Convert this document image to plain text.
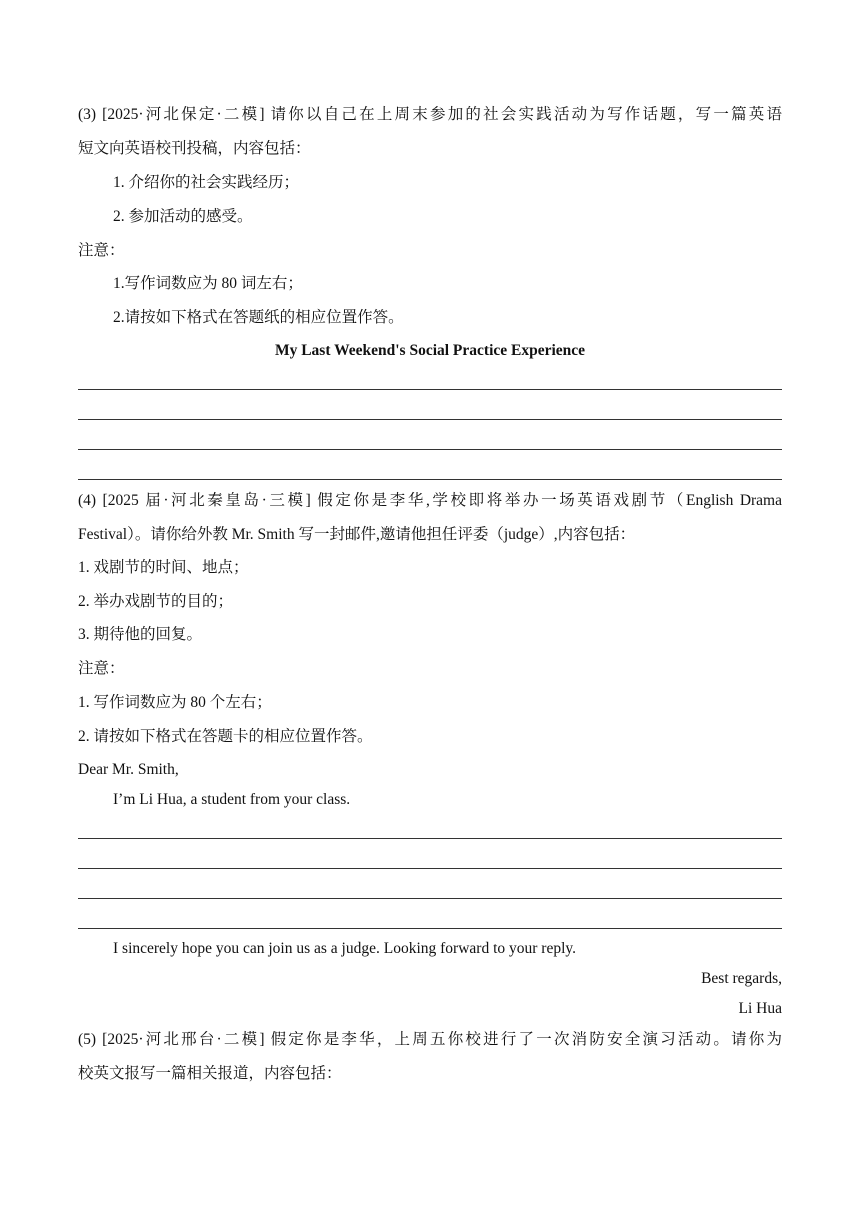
(3) [2025·河北保定·二模] 请你以自己在上周末参加的社会实践活动为写作话题，写一篇英语

短文向英语校刊投稿，内容包括：

1. 介绍你的社会实践经历；

2. 参加活动的感受。

注意：

1.写作词数应为 80 词左右；

2.请按如下格式在答题纸的相应位置作答。

My Last Weekend's Social Practice Experience

(4) [2025 届·河北秦皇岛·三模] 假定你是李华,学校即将举办一场英语戏剧节（English Drama

Festival）。请你给外教 Mr. Smith 写一封邮件,邀请他担任评委（judge）,内容包括：

1. 戏剧节的时间、地点；

2. 举办戏剧节的目的；

3. 期待他的回复。

注意：

1. 写作词数应为 80 个左右；

2. 请按如下格式在答题卡的相应位置作答。

Dear Mr. Smith,

I’m Li Hua, a student from your class.

I sincerely hope you can join us as a judge. Looking forward to your reply.

Best regards,

Li Hua

(5) [2025·河北邢台·二模] 假定你是李华，上周五你校进行了一次消防安全演习活动。请你为

校英文报写一篇相关报道，内容包括：
